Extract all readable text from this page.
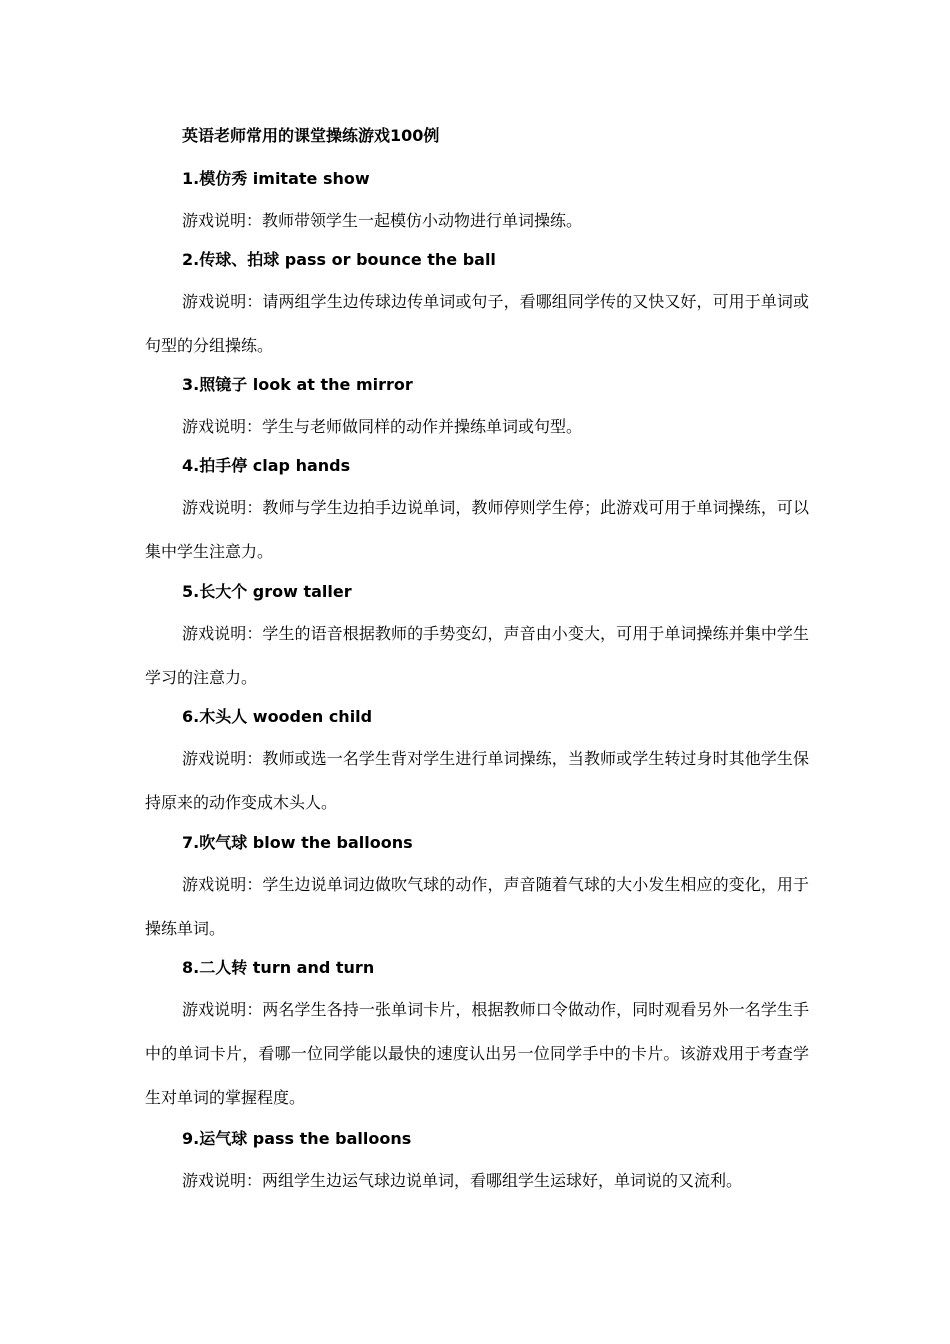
英语老师常用的课堂操练游戏100例
1.模仿秀 imitate show
游戏说明：教师带领学生一起模仿小动物进行单词操练。
2.传球、拍球 pass or bounce the ball
游戏说明：请两组学生边传球边传单词或句子，看哪组同学传的又快又好，可用于单词或句型的分组操练。
3.照镜子 look at the mirror
游戏说明：学生与老师做同样的动作并操练单词或句型。
4.拍手停 clap hands
游戏说明：教师与学生边拍手边说单词，教师停则学生停；此游戏可用于单词操练，可以集中学生注意力。
5.长大个 grow taller
游戏说明：学生的语音根据教师的手势变幻，声音由小变大，可用于单词操练并集中学生学习的注意力。
6.木头人 wooden child
游戏说明：教师或选一名学生背对学生进行单词操练，当教师或学生转过身时其他学生保持原来的动作变成木头人。
7.吹气球 blow the balloons
游戏说明：学生边说单词边做吹气球的动作，声音随着气球的大小发生相应的变化，用于操练单词。
8.二人转 turn and turn
游戏说明：两名学生各持一张单词卡片，根据教师口令做动作，同时观看另外一名学生手中的单词卡片，看哪一位同学能以最快的速度认出另一位同学手中的卡片。该游戏用于考查学生对单词的掌握程度。
9.运气球 pass the balloons
游戏说明：两组学生边运气球边说单词，看哪组学生运球好，单词说的又流利。
